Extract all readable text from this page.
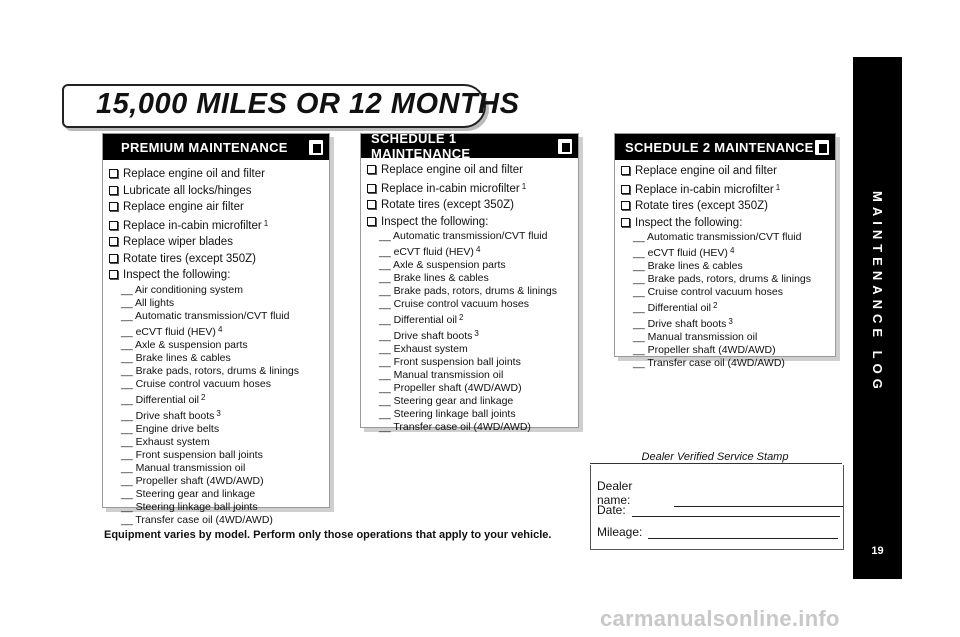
15,000 MILES OR 12 MONTHS
PREMIUM MAINTENANCE
Replace engine oil and filter
Lubricate all locks/hinges
Replace engine air filter
Replace in-cabin microfilter $^1$
Replace wiper blades
Rotate tires (except 350Z)
Inspect the following:
__ Air conditioning system
__ All lights
__ Automatic transmission/CVT fluid
__ eCVT fluid (HEV) $^4$
__ Axle & suspension parts
__ Brake lines & cables
__ Brake pads, rotors, drums & linings
__ Cruise control vacuum hoses
__ Differential oil $^2$
__ Drive shaft boots $^3$
__ Engine drive belts
__ Exhaust system
__ Front suspension ball joints
__ Manual transmission oil
__ Propeller shaft (4WD/AWD)
__ Steering gear and linkage
__ Steering linkage ball joints
__ Transfer case oil (4WD/AWD)
SCHEDULE 1 MAINTENANCE
Replace engine oil and filter
Replace in-cabin microfilter $^1$
Rotate tires (except 350Z)
Inspect the following:
__ Automatic transmission/CVT fluid
__ eCVT fluid (HEV) $^4$
__ Axle & suspension parts
__ Brake lines & cables
__ Brake pads, rotors, drums & linings
__ Cruise control vacuum hoses
__ Differential oil $^2$
__ Drive shaft boots $^3$
__ Exhaust system
__ Front suspension ball joints
__ Manual transmission oil
__ Propeller shaft (4WD/AWD)
__ Steering gear and linkage
__ Steering linkage ball joints
__ Transfer case oil (4WD/AWD)
SCHEDULE 2 MAINTENANCE
Replace engine oil and filter
Replace in-cabin microfilter $^1$
Rotate tires (except 350Z)
Inspect the following:
__ Automatic transmission/CVT fluid
__ eCVT fluid (HEV) $^4$
__ Brake lines & cables
__ Brake pads, rotors, drums & linings
__ Cruise control vacuum hoses
__ Differential oil $^2$
__ Drive shaft boots $^3$
__ Manual transmission oil
__ Propeller shaft (4WD/AWD)
__ Transfer case oil (4WD/AWD)
Equipment varies by model. Perform only those operations that apply to your vehicle.
Dealer Verified Service Stamp
Dealer name:
Date:
Mileage:
MAINTENANCE LOG
19
carmanualsonline.info
